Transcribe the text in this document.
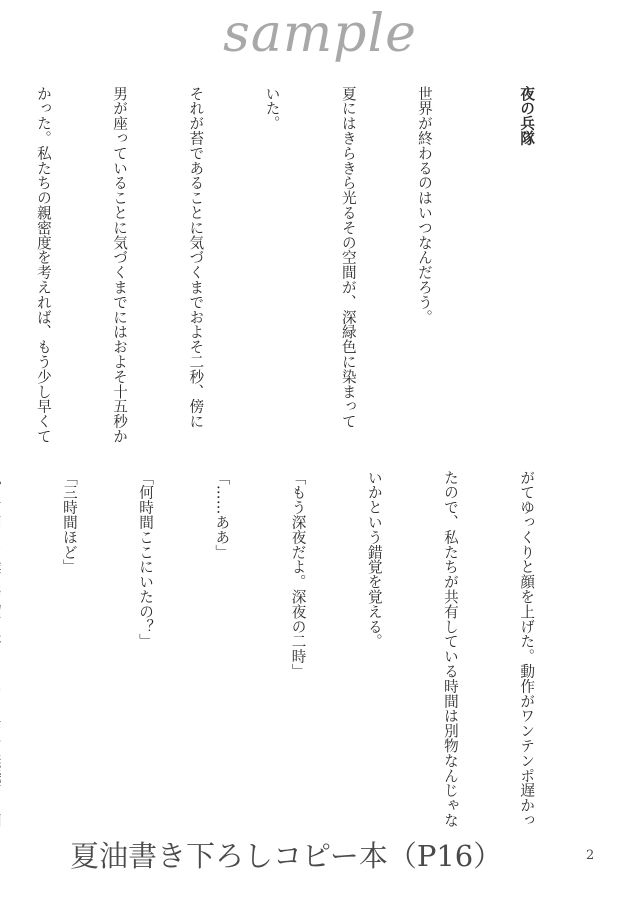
sample

夜の兵隊

世界が終わるのはいつなんだろう。

夏にはきらきら光るその空間が、深緑色に染まって

いた。

それが苔であることに気づくまでおよそ二秒、傍に

男が座っていることに気づくまでにはおよそ十五秒か

かった。私たちの親密度を考えれば、もう少し早くて

がてゆっくりと顔を上げた。動作がワンテンポ遅かっ

たので、私たちが共有している時間は別物なんじゃな

いかという錯覚を覚える。

「もう深夜だよ。深夜の二時」

「……ああ」

「何時間ここにいたの？」

「三時間ほど」

夏油書き下ろしコピー本（P16）	2
